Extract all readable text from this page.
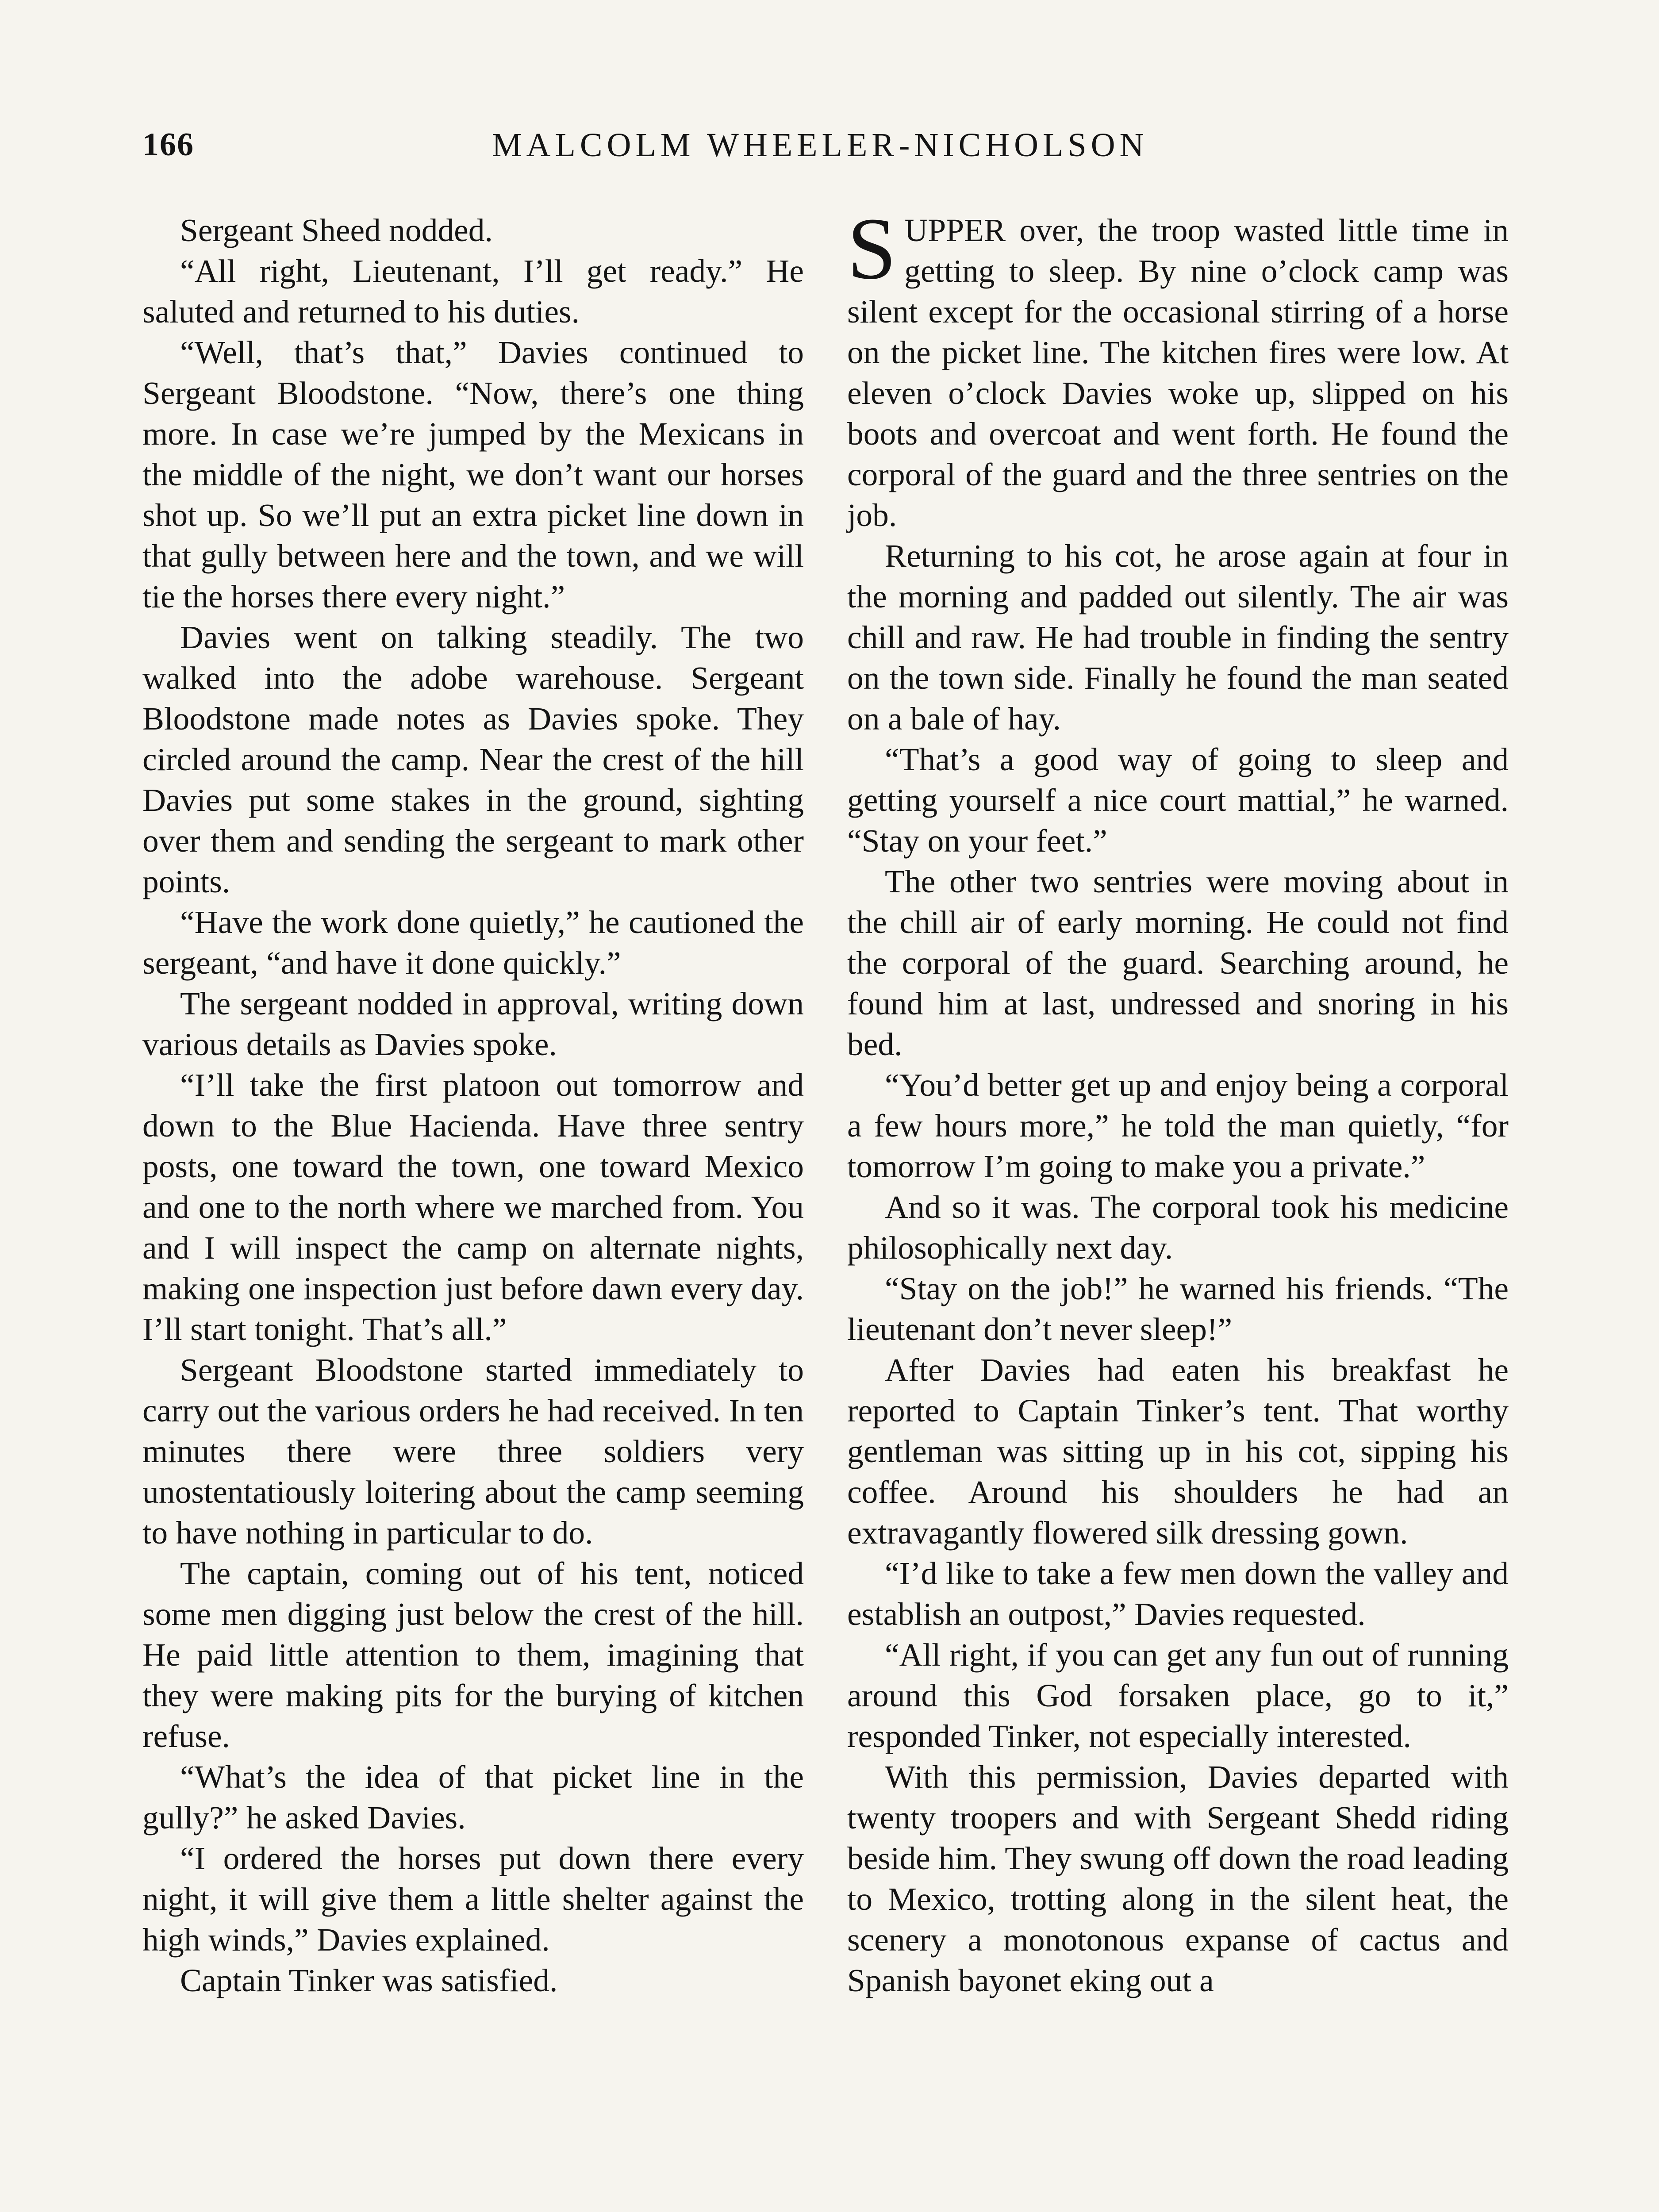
166	MALCOLM WHEELER-NICHOLSON

Sergeant Sheed nodded.

“All right, Lieutenant, I’ll get ready.” He saluted and returned to his duties.

“Well, that’s that,” Davies continued to Sergeant Bloodstone. “Now, there’s one thing more. In case we’re jumped by the Mexicans in the middle of the night, we don’t want our horses shot up. So we’ll put an extra picket line down in that gully between here and the town, and we will tie the horses there every night.”

Davies went on talking steadily. The two walked into the adobe warehouse. Sergeant Bloodstone made notes as Davies spoke. They circled around the camp. Near the crest of the hill Davies put some stakes in the ground, sighting over them and sending the sergeant to mark other points.

“Have the work done quietly,” he cautioned the sergeant, “and have it done quickly.”

The sergeant nodded in approval, writing down various details as Davies spoke.

“I’ll take the first platoon out tomorrow and down to the Blue Hacienda. Have three sentry posts, one toward the town, one toward Mexico and one to the north where we marched from. You and I will inspect the camp on alternate nights, making one inspection just before dawn every day. I’ll start tonight. That’s all.”

Sergeant Bloodstone started immediately to carry out the various orders he had received. In ten minutes there were three soldiers very unostentatiously loitering about the camp seeming to have nothing in particular to do.

The captain, coming out of his tent, noticed some men digging just below the crest of the hill. He paid little attention to them, imagining that they were making pits for the burying of kitchen refuse.

“What’s the idea of that picket line in the gully?” he asked Davies.

“I ordered the horses put down there every night, it will give them a little shelter against the high winds,” Davies explained.

Captain Tinker was satisfied.

SUPPER over, the troop wasted little time in getting to sleep. By nine o’clock camp was silent except for the occasional stirring of a horse on the picket line. The kitchen fires were low. At eleven o’clock Davies woke up, slipped on his boots and overcoat and went forth. He found the corporal of the guard and the three sentries on the job.

Returning to his cot, he arose again at four in the morning and padded out silently. The air was chill and raw. He had trouble in finding the sentry on the town side. Finally he found the man seated on a bale of hay.

“That’s a good way of going to sleep and getting yourself a nice court mattial,” he warned. “Stay on your feet.”

The other two sentries were moving about in the chill air of early morning. He could not find the corporal of the guard. Searching around, he found him at last, undressed and snoring in his bed.

“You’d better get up and enjoy being a corporal a few hours more,” he told the man quietly, “for tomorrow I’m going to make you a private.”

And so it was. The corporal took his medicine philosophically next day.

“Stay on the job!” he warned his friends. “The lieutenant don’t never sleep!”

After Davies had eaten his breakfast he reported to Captain Tinker’s tent. That worthy gentleman was sitting up in his cot, sipping his coffee. Around his shoulders he had an extravagantly flowered silk dressing gown.

“I’d like to take a few men down the valley and establish an outpost,” Davies requested.

“All right, if you can get any fun out of running around this God forsaken place, go to it,” responded Tinker, not especially interested.

With this permission, Davies departed with twenty troopers and with Sergeant Shedd riding beside him. They swung off down the road leading to Mexico, trotting along in the silent heat, the scenery a monotonous expanse of cactus and Spanish bayonet eking out a
